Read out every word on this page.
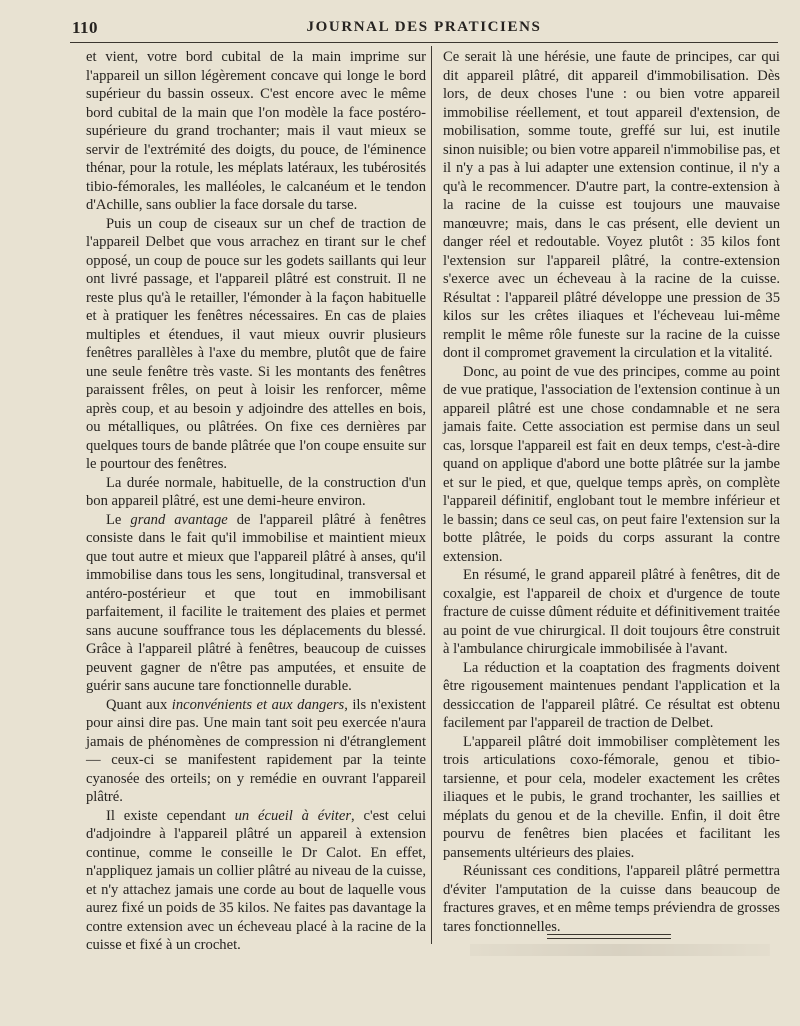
110	JOURNAL DES PRATICIENS

et vient, votre bord cubital de la main imprime sur l'appareil un sillon légèrement concave qui longe le bord supérieur du bassin osseux. C'est encore avec le même bord cubital de la main que l'on modèle la face postéro-supérieure du grand trochanter; mais il vaut mieux se servir de l'extrémité des doigts, du pouce, de l'éminence thénar, pour la rotule, les méplats latéraux, les tubérosités tibio-fémorales, les malléoles, le calcanéum et le tendon d'Achille, sans oublier la face dorsale du tarse.

Puis un coup de ciseaux sur un chef de traction de l'appareil Delbet que vous arrachez en tirant sur le chef opposé, un coup de pouce sur les godets saillants qui leur ont livré passage, et l'appareil plâtré est construit. Il ne reste plus qu'à le retailler, l'émonder à la façon habituelle et à pratiquer les fenêtres nécessaires. En cas de plaies multiples et étendues, il vaut mieux ouvrir plusieurs fenêtres parallèles à l'axe du membre, plutôt que de faire une seule fenêtre très vaste. Si les montants des fenêtres paraissent frêles, on peut à loisir les renforcer, même après coup, et au besoin y adjoindre des attelles en bois, ou métalliques, ou plâtrées. On fixe ces dernières par quelques tours de bande plâtrée que l'on coupe ensuite sur le pourtour des fenêtres.

La durée normale, habituelle, de la construction d'un bon appareil plâtré, est une demi-heure environ.

Le grand avantage de l'appareil plâtré à fenêtres consiste dans le fait qu'il immobilise et maintient mieux que tout autre et mieux que l'appareil plâtré à anses, qu'il immobilise dans tous les sens, longitudinal, transversal et antéro-postérieur et que tout en immobilisant parfaitement, il facilite le traitement des plaies et permet sans aucune souffrance tous les déplacements du blessé. Grâce à l'appareil plâtré à fenêtres, beaucoup de cuisses peuvent gagner de n'être pas amputées, et ensuite de guérir sans aucune tare fonctionnelle durable.

Quant aux inconvénients et aux dangers, ils n'existent pour ainsi dire pas. Une main tant soit peu exercée n'aura jamais de phénomènes de compression ni d'étranglement — ceux-ci se manifestent rapidement par la teinte cyanosée des orteils; on y remédie en ouvrant l'appareil plâtré.

Il existe cependant un écueil à éviter, c'est celui d'adjoindre à l'appareil plâtré un appareil à extension continue, comme le conseille le Dr Calot. En effet, n'appliquez jamais un collier plâtré au niveau de la cuisse, et n'y attachez jamais une corde au bout de laquelle vous aurez fixé un poids de 35 kilos. Ne faites pas davantage la contre extension avec un écheveau placé à la racine de la cuisse et fixé à un crochet.

Ce serait là une hérésie, une faute de principes, car qui dit appareil plâtré, dit appareil d'immobilisation. Dès lors, de deux choses l'une : ou bien votre appareil immobilise réellement, et tout appareil d'extension, de mobilisation, somme toute, greffé sur lui, est inutile sinon nuisible; ou bien votre appareil n'immobilise pas, et il n'y a pas à lui adapter une extension continue, il n'y a qu'à le recommencer. D'autre part, la contre-extension à la racine de la cuisse est toujours une mauvaise manœuvre; mais, dans le cas présent, elle devient un danger réel et redoutable. Voyez plutôt : 35 kilos font l'extension sur l'appareil plâtré, la contre-extension s'exerce avec un écheveau à la racine de la cuisse. Résultat : l'appareil plâtré développe une pression de 35 kilos sur les crêtes iliaques et l'écheveau lui-même remplit le même rôle funeste sur la racine de la cuisse dont il compromet gravement la circulation et la vitalité.

Donc, au point de vue des principes, comme au point de vue pratique, l'association de l'extension continue à un appareil plâtré est une chose condamnable et ne sera jamais faite. Cette association est permise dans un seul cas, lorsque l'appareil est fait en deux temps, c'est-à-dire quand on applique d'abord une botte plâtrée sur la jambe et sur le pied, et que, quelque temps après, on complète l'appareil définitif, englobant tout le membre inférieur et le bassin; dans ce seul cas, on peut faire l'extension sur la botte plâtrée, le poids du corps assurant la contre extension.

En résumé, le grand appareil plâtré à fenêtres, dit de coxalgie, est l'appareil de choix et d'urgence de toute fracture de cuisse dûment réduite et définitivement traitée au point de vue chirurgical. Il doit toujours être construit à l'ambulance chirurgicale immobilisée à l'avant.

La réduction et la coaptation des fragments doivent être rigousement maintenues pendant l'application et la dessiccation de l'appareil plâtré. Ce résultat est obtenu facilement par l'appareil de traction de Delbet.

L'appareil plâtré doit immobiliser complètement les trois articulations coxo-fémorale, genou et tibio-tarsienne, et pour cela, modeler exactement les crêtes iliaques et le pubis, le grand trochanter, les saillies et méplats du genou et de la cheville. Enfin, il doit être pourvu de fenêtres bien placées et facilitant les pansements ultérieurs des plaies.

Réunissant ces conditions, l'appareil plâtré permettra d'éviter l'amputation de la cuisse dans beaucoup de fractures graves, et en même temps préviendra de grosses tares fonctionnelles.
